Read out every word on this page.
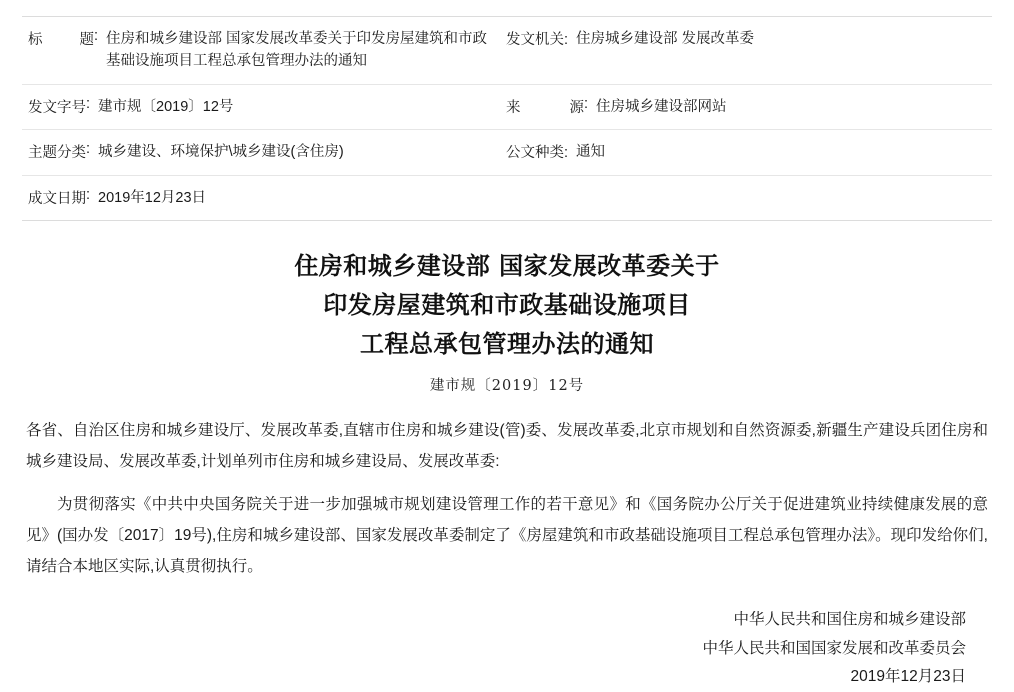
标题 : 住房和城乡建设部 国家发展改革委关于印发房屋建筑和市政基础设施项目工程总承包管理办法的通知
发文机关: 住房城乡建设部 发展改革委
发文字号 : 建市规〔2019〕12号	来源 : 住房城乡建设部网站
主题分类 : 城乡建设、环境保护\城乡建设(含住房)	公文种类: 通知
成文日期 : 2019年12月23日
住房和城乡建设部 国家发展改革委关于
印发房屋建筑和市政基础设施项目
工程总承包管理办法的通知
建市规〔2019〕12号

各省、自治区住房和城乡建设厅、发展改革委,直辖市住房和城乡建设(管)委、发展改革委,北京市规划和自然资源委,新疆生产建设兵团住房和城乡建设局、发展改革委,计划单列市住房和城乡建设局、发展改革委:

为贯彻落实《中共中央国务院关于进一步加强城市规划建设管理工作的若干意见》和《国务院办公厅关于促进建筑业持续健康发展的意见》(国办发〔2017〕19号),住房和城乡建设部、国家发展改革委制定了《房屋建筑和市政基础设施项目工程总承包管理办法》。现印发给你们,请结合本地区实际,认真贯彻执行。

中华人民共和国住房和城乡建设部
中华人民共和国国家发展和改革委员会
2019年12月23日
